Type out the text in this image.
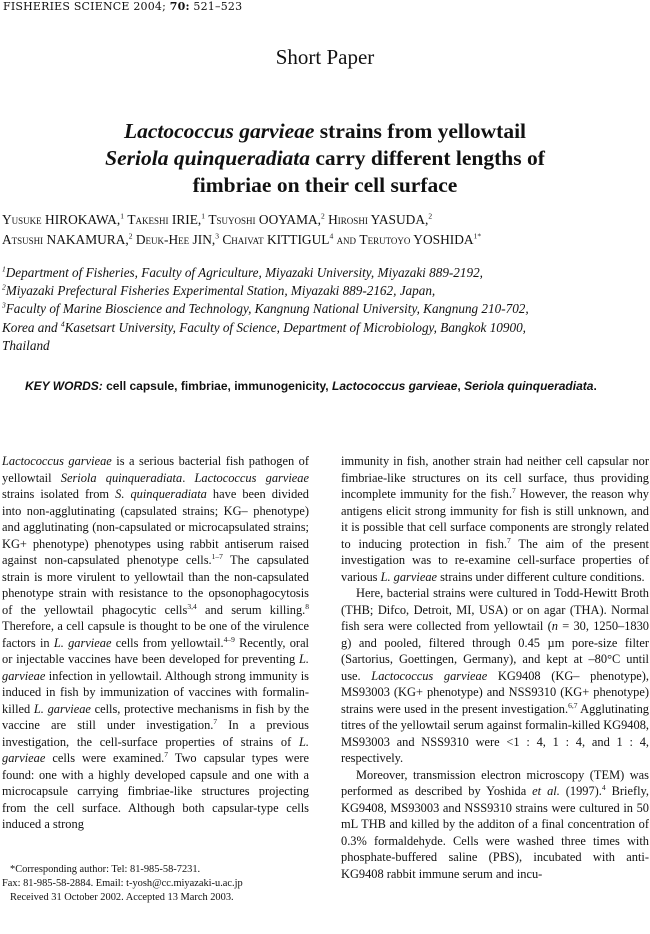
FISHERIES SCIENCE 2004; 70: 521–523
Short Paper
Lactococcus garvieae strains from yellowtail
Seriola quinqueradiata carry different lengths of
fimbriae on their cell surface
Yusuke HIROKAWA,$^1$ Takeshi IRIE,$^1$ Tsuyoshi OOYAMA,$^2$ Hiroshi YASUDA,$^2$
Atsushi NAKAMURA,$^2$ Deuk-Hee JIN,$^3$ Chaivat KITTIGUL$^4$ and Terutoyo $YOSHIDA^{1*}$
$^1$Department of Fisheries, Faculty of Agriculture, Miyazaki University, Miyazaki 889-2192,
$^2$Miyazaki Prefectural Fisheries Experimental Station, Miyazaki 889-2162, Japan,
$^3$Faculty of Marine Bioscience and Technology, Kangnung National University, Kangnung 210-702,
Korea and $^4$Kasetsart University, Faculty of Science, Department of Microbiology, Bangkok 10900,
Thailand
KEY WORDS: cell capsule, fimbriae, immunogenicity, Lactococcus garvieae, Seriola quinqueradiata.

Lactococcus garvieae is a serious bacterial fish pathogen of yellowtail Seriola quinqueradiata. Lactococcus garvieae strains isolated from S. quinqueradiata have been divided into non-agglutinating (capsulated strains; KG– phenotype) and agglutinating (non-capsulated or microcapsulated strains; KG+ phenotype) phenotypes using rabbit antiserum raised against non-capsulated phenotype cells.$^{1-7}$ The capsulated strain is more virulent to yellowtail than the non-capsulated phenotype strain with resistance to the opsonophagocytosis of the yellowtail phagocytic cells$^{3,4}$ and serum killing.$^8$ Therefore, a cell capsule is thought to be one of the virulence factors in L. garvieae cells from yellowtail.$^{4-9}$ Recently, oral or injectable vaccines have been developed for preventing L. garvieae infection in yellowtail. Although strong immunity is induced in fish by immunization of vaccines with formalin-killed L. garvieae cells, protective mechanisms in fish by the vaccine are still under investigation.$^7$ In a previous investigation, the cell-surface properties of strains of L. garvieae cells were examined.$^7$ Two capsular types were found: one with a highly developed capsule and one with a microcapsule carrying fimbriae-like structures projecting from the cell surface. Although both capsular-type cells induced a strong

immunity in fish, another strain had neither cell capsular nor fimbriae-like structures on its cell surface, thus providing incomplete immunity for the fish.$^7$ However, the reason why antigens elicit strong immunity for fish is still unknown, and it is possible that cell surface components are strongly related to inducing protection in fish.$^7$ The aim of the present investigation was to re-examine cell-surface properties of various L. garvieae strains under different culture conditions.

Here, bacterial strains were cultured in Todd-Hewitt Broth (THB; Difco, Detroit, MI, USA) or on agar (THA). Normal fish sera were collected from yellowtail (n = 30, 1250–1830 g) and pooled, filtered through 0.45 µm pore-size filter (Sartorius, Goettingen, Germany), and kept at –80°C until use. Lactococcus garvieae KG9408 (KG– phenotype), MS93003 (KG+ phenotype) and NSS9310 (KG+ phenotype) strains were used in the present investigation.$^{6,7}$ Agglutinating titres of the yellowtail serum against formalin-killed KG9408, MS93003 and NSS9310 were <1 : 4, 1 : 4, and 1 : 4, respectively.

Moreover, transmission electron microscopy (TEM) was performed as described by Yoshida et al. (1997).$^4$ Briefly, KG9408, MS93003 and NSS9310 strains were cultured in 50 mL THB and killed by the additon of a final concentration of 0.3% formaldehyde. Cells were washed three times with phosphate-buffered saline (PBS), incubated with anti-KG9408 rabbit immune serum and incu-

*Corresponding author: Tel: 81-985-58-7231.
Fax: 81-985-58-2884. Email: t-yosh@cc.miyazaki-u.ac.jp
Received 31 October 2002. Accepted 13 March 2003.
